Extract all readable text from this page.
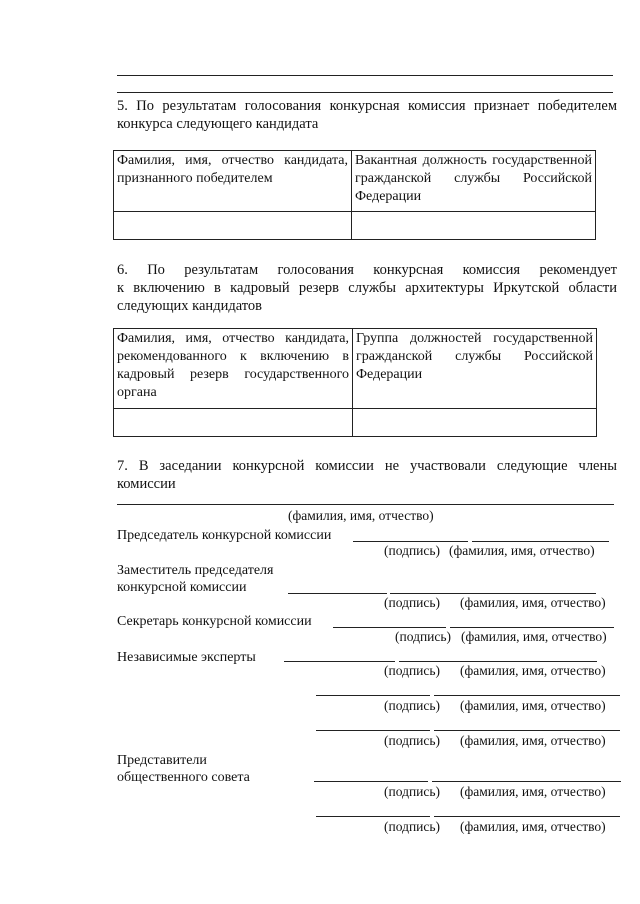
5. По результатам голосования конкурсная комиссия признает победителем
конкурса следующего кандидата
Фамилия, имя, отчество кандидата, признанного победителем	Вакантная должность государственной гражданской службы Российской Федерации

6. По результатам голосования конкурсная комиссия рекомендует
к включению в кадровый резерв службы архитектуры Иркутской области
следующих кандидатов
Фамилия, имя, отчество кандидата, рекомендованного к включению в кадровый резерв государственного органа	Группа должностей государственной гражданской службы Российской Федерации

7. В заседании конкурсной комиссии не участвовали следующие члены
комиссии
(фамилия, имя, отчество)
Председатель конкурсной комиссии
(подпись) (фамилия, имя, отчество)
Заместитель председателя
конкурсной комиссии
(подпись) (фамилия, имя, отчество)
Секретарь конкурсной комиссии
(подпись) (фамилия, имя, отчество)
Независимые эксперты
(подпись) (фамилия, имя, отчество)
(подпись) (фамилия, имя, отчество)
(подпись) (фамилия, имя, отчество)
Представители
общественного совета
(подпись) (фамилия, имя, отчество)
(подпись) (фамилия, имя, отчество)
